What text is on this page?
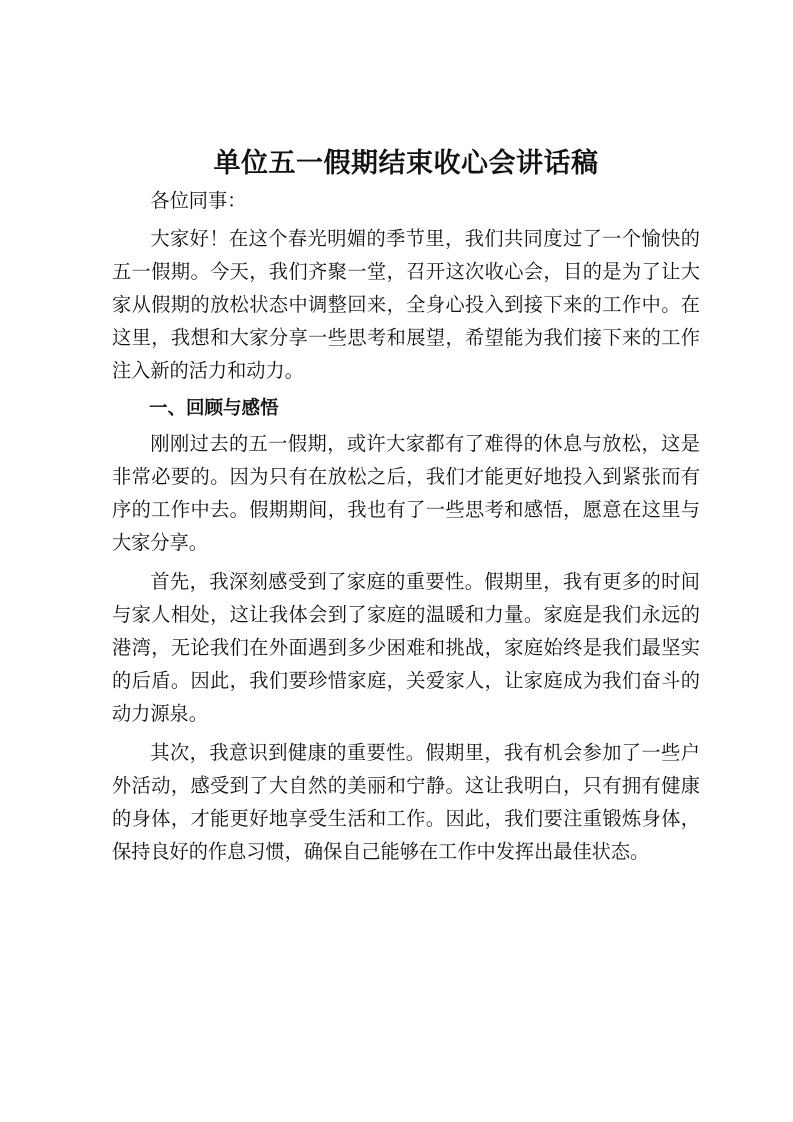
单位五一假期结束收心会讲话稿

各位同事：

大家好！在这个春光明媚的季节里，我们共同度过了一个愉快的五一假期。今天，我们齐聚一堂，召开这次收心会，目的是为了让大家从假期的放松状态中调整回来，全身心投入到接下来的工作中。在这里，我想和大家分享一些思考和展望，希望能为我们接下来的工作注入新的活力和动力。

一、回顾与感悟

刚刚过去的五一假期，或许大家都有了难得的休息与放松，这是非常必要的。因为只有在放松之后，我们才能更好地投入到紧张而有序的工作中去。假期期间，我也有了一些思考和感悟，愿意在这里与大家分享。

首先，我深刻感受到了家庭的重要性。假期里，我有更多的时间与家人相处，这让我体会到了家庭的温暖和力量。家庭是我们永远的港湾，无论我们在外面遇到多少困难和挑战，家庭始终是我们最坚实的后盾。因此，我们要珍惜家庭，关爱家人，让家庭成为我们奋斗的动力源泉。

其次，我意识到健康的重要性。假期里，我有机会参加了一些户外活动，感受到了大自然的美丽和宁静。这让我明白，只有拥有健康的身体，才能更好地享受生活和工作。因此，我们要注重锻炼身体，保持良好的作息习惯，确保自己能够在工作中发挥出最佳状态。
